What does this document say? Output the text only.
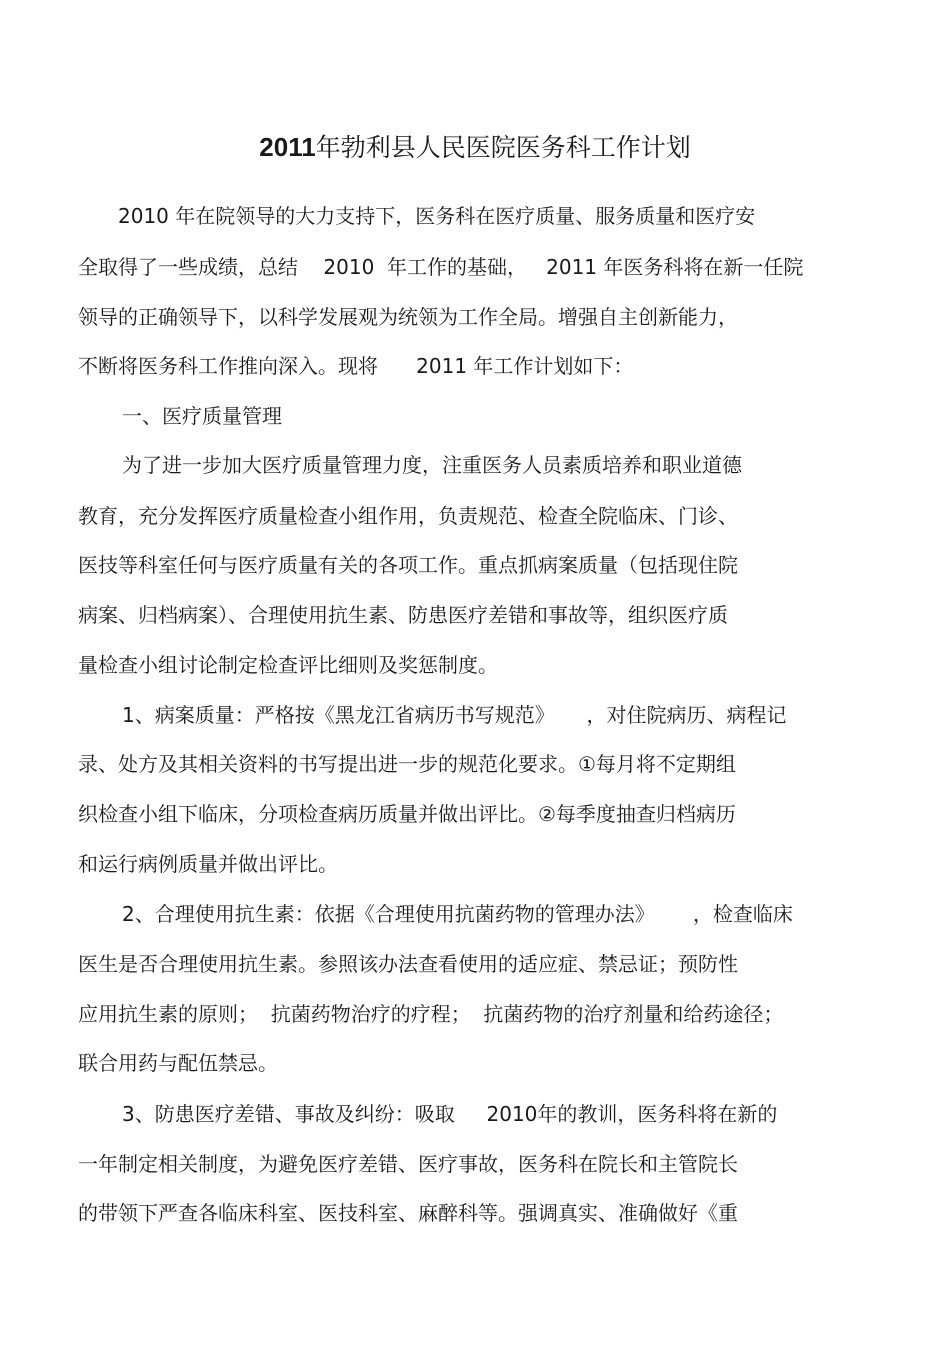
2011年勃利县人民医院医务科工作计划
2010 年在院领导的大力支持下，医务科在医疗质量、服务质量和医疗安
全取得了一些成绩，总结    2010  年工作的基础，   2011 年医务科将在新一任院
领导的正确领导下，以科学发展观为统领为工作全局。增强自主创新能力，
不断将医务科工作推向深入。现将      2011 年工作计划如下：
一、医疗质量管理
为了进一步加大医疗质量管理力度，注重医务人员素质培养和职业道德
教育，充分发挥医疗质量检查小组作用，负责规范、检查全院临床、门诊、
医技等科室任何与医疗质量有关的各项工作。重点抓病案质量（包括现住院
病案、归档病案）、合理使用抗生素、防患医疗差错和事故等，组织医疗质
量检查小组讨论制定检查评比细则及奖惩制度。
1、病案质量：严格按《黑龙江省病历书写规范》     ，对住院病历、病程记
录、处方及其相关资料的书写提出进一步的规范化要求。①每月将不定期组
织检查小组下临床，分项检查病历质量并做出评比。②每季度抽查归档病历
和运行病例质量并做出评比。
2、合理使用抗生素：依据《合理使用抗菌药物的管理办法》      ，检查临床
医生是否合理使用抗生素。参照该办法查看使用的适应症、禁忌证；预防性
应用抗生素的原则；  抗菌药物治疗的疗程；  抗菌药物的治疗剂量和给药途径；
联合用药与配伍禁忌。
3、防患医疗差错、事故及纠纷：吸取     2010年的教训，医务科将在新的
一年制定相关制度，为避免医疗差错、医疗事故，医务科在院长和主管院长
的带领下严查各临床科室、医技科室、麻醉科等。强调真实、准确做好《重
